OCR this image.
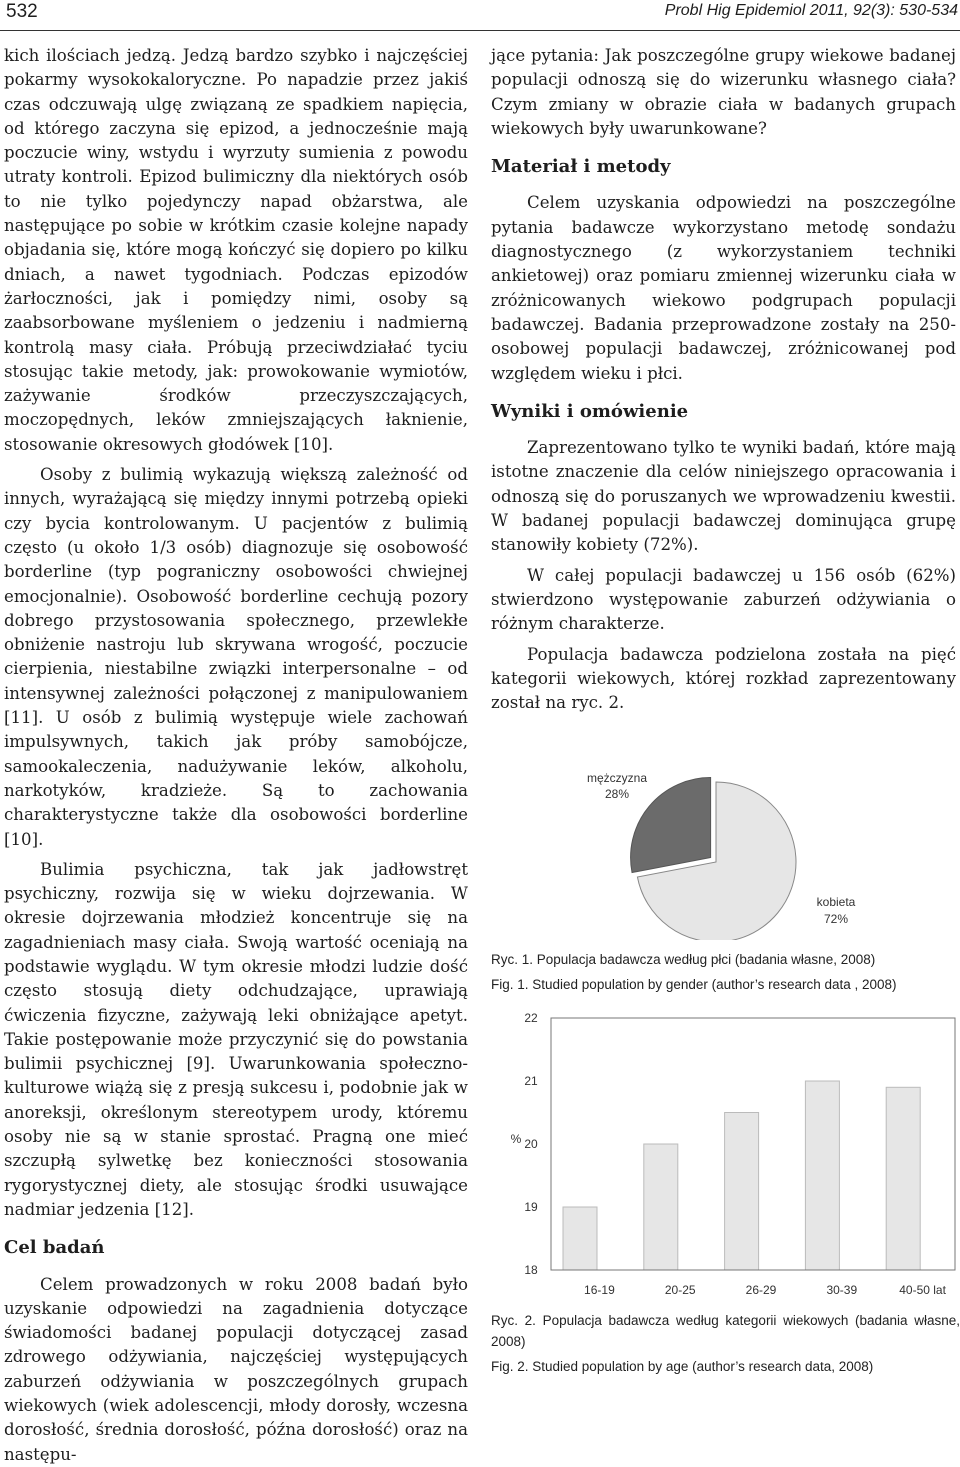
532	Probl Hig Epidemiol 2011, 92(3): 530-534

kich ilościach jedzą. Jedzą bardzo szybko i najczęściej pokarmy wysokokaloryczne. Po napadzie przez jakiś czas odczuwają ulgę związaną ze spadkiem napięcia, od którego zaczyna się epizod, a jednocześnie mają poczucie winy, wstydu i wyrzuty sumienia z powodu utraty kontroli. Epizod bulimiczny dla niektórych osób to nie tylko pojedynczy napad obżarstwa, ale następujące po sobie w krótkim czasie kolejne napady objadania się, które mogą kończyć się dopiero po kilku dniach, a nawet tygodniach. Podczas epizodów żarłoczności, jak i pomiędzy nimi, osoby są zaabsorbowane myśleniem o jedzeniu i nadmierną kontrolą masy ciała. Próbują przeciwdziałać tyciu stosując takie metody, jak: prowokowanie wymiotów, zażywanie środków przeczyszczających, moczopędnych, leków zmniejszających łaknienie, stosowanie okresowych głodówek [10].

Osoby z bulimią wykazują większą zależność od innych, wyrażającą się między innymi potrzebą opieki czy bycia kontrolowanym. U pacjentów z bulimią często (u około 1/3 osób) diagnozuje się osobowość borderline (typ pograniczny osobowości chwiejnej emocjonalnie). Osobowość borderline cechują pozory dobrego przystosowania społecznego, przewlekłe obniżenie nastroju lub skrywana wrogość, poczucie cierpienia, niestabilne związki interpersonalne – od intensywnej zależności połączonej z manipulowaniem [11]. U osób z bulimią występuje wiele zachowań impulsywnych, takich jak próby samobójcze, samookaleczenia, nadużywanie leków, alkoholu, narkotyków, kradzieże. Są to zachowania charakterystyczne także dla osobowości borderline [10].

Bulimia psychiczna, tak jak jadłowstręt psychiczny, rozwija się w wieku dojrzewania. W okresie dojrzewania młodzież koncentruje się na zagadnieniach masy ciała. Swoją wartość oceniają na podstawie wyglądu. W tym okresie młodzi ludzie dość często stosują diety odchudzające, uprawiają ćwiczenia fizyczne, zażywają leki obniżające apetyt. Takie postępowanie może przyczynić się do powstania bulimii psychicznej [9]. Uwarunkowania społeczno-kulturowe wiążą się z presją sukcesu i, podobnie jak w anoreksji, określonym stereotypem urody, któremu osoby nie są w stanie sprostać. Pragną one mieć szczupłą sylwetkę bez konieczności stosowania rygorystycznej diety, ale stosując środki usuwające nadmiar jedzenia [12].

Cel badań

Celem prowadzonych w roku 2008 badań było uzyskanie odpowiedzi na zagadnienia dotyczące świadomości badanej populacji dotyczącej zasad zdrowego odżywiania, najczęściej występujących zaburzeń odżywiania w poszczególnych grupach wiekowych (wiek adolescencji, młody dorosły, wczesna dorosłość, średnia dorosłość, późna dorosłość) oraz na następu-

jące pytania: Jak poszczególne grupy wiekowe badanej populacji odnoszą się do wizerunku własnego ciała? Czym zmiany w obrazie ciała w badanych grupach wiekowych były uwarunkowane?

Materiał i metody

Celem uzyskania odpowiedzi na poszczególne pytania badawcze wykorzystano metodę sondażu diagnostycznego (z wykorzystaniem techniki ankietowej) oraz pomiaru zmiennej wizerunku ciała w zróżnicowanych wiekowo podgrupach populacji badawczej. Badania przeprowadzone zostały na 250-osobowej populacji badawczej, zróżnicowanej pod względem wieku i płci.

Wyniki i omówienie

Zaprezentowano tylko te wyniki badań, które mają istotne znaczenie dla celów niniejszego opracowania i odnoszą się do poruszanych we wprowadzeniu kwestii. W badanej populacji badawczej dominująca grupę stanowiły kobiety (72%).

W całej populacji badawczej u 156 osób (62%) stwierdzono występowanie zaburzeń odżywiania o różnym charakterze.

Populacja badawcza podzielona została na pięć kategorii wiekowych, której rozkład zaprezentowany został na ryc. 2.

mężczyzna
28%
kobieta
72%
Ryc. 1. Populacja badawcza według płci (badania własne, 2008)
Fig. 1. Studied population by gender (author’s research data , 2008)
%
18
19
20
21
22
16-19	20-25	26-29	30-39	40-50 lat
Ryc. 2. Populacja badawcza według kategorii wiekowych (badania własne, 2008)
Fig. 2. Studied population by age (author’s research data, 2008)
